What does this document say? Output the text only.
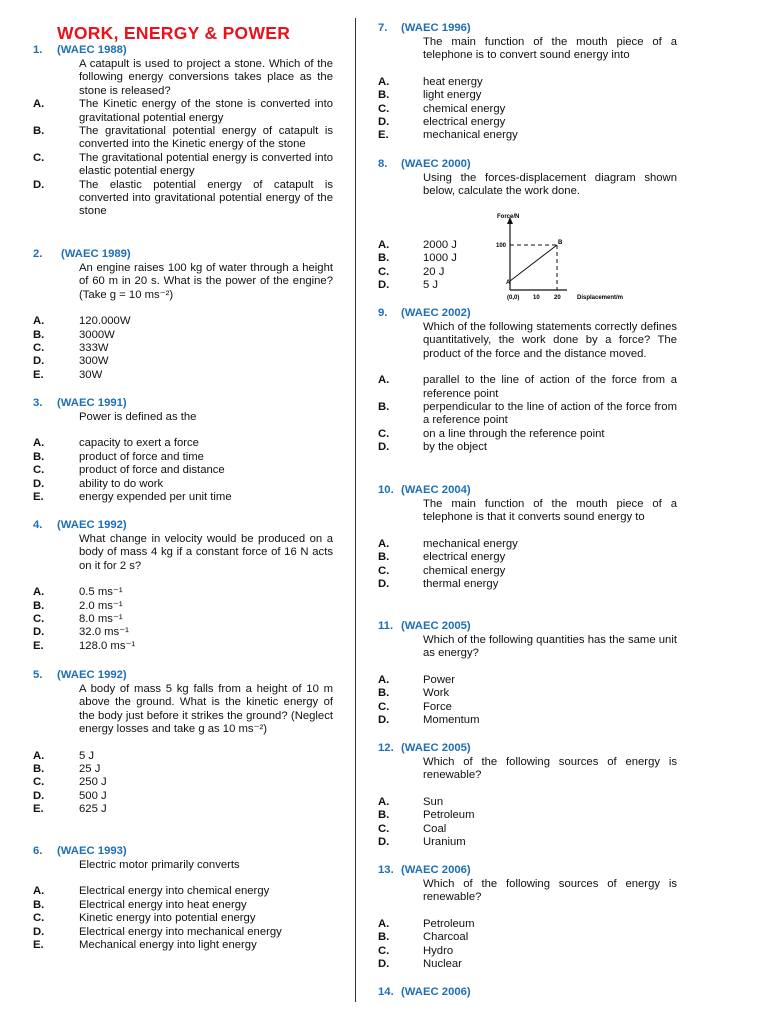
WORK, ENERGY & POWER
1. (WAEC 1988)
A catapult is used to project a stone. Which of the following energy conversions takes place as the stone is released?
A.	The Kinetic energy of the stone is converted into gravitational potential energy
B.	The gravitational potential energy of catapult is converted into the Kinetic energy of the stone
C.	The gravitational potential energy is converted into elastic potential energy
D.	The elastic potential energy of catapult is converted into gravitational potential energy of the stone
2. (WAEC 1989)
An engine raises 100 kg of water through a height of 60 m in 20 s. What is the power of the engine? (Take g = 10 ms⁻²)
A.	120.000W
B.	3000W
C.	333W
D.	300W
E.	30W
3. (WAEC 1991)
Power is defined as the
A.	capacity to exert a force
B.	product of force and time
C.	product of force and distance
D.	ability to do work
E.	energy expended per unit time
4. (WAEC 1992)
What change in velocity would be produced on a body of mass 4 kg if a constant force of 16 N acts on it for 2 s?
A.	0.5 ms⁻¹
B.	2.0 ms⁻¹
C.	8.0 ms⁻¹
D.	32.0 ms⁻¹
E.	128.0 ms⁻¹
5. (WAEC 1992)
A body of mass 5 kg falls from a height of 10 m above the ground. What is the kinetic energy of the body just before it strikes the ground? (Neglect energy losses and take g as 10 ms⁻²)
A.	5 J
B.	25 J
C.	250 J
D.	500 J
E.	625 J
6. (WAEC 1993)
Electric motor primarily converts
A.	Electrical energy into chemical energy
B.	Electrical energy into heat energy
C.	Kinetic energy into potential energy
D.	Electrical energy into mechanical energy
E.	Mechanical energy into light energy
7. (WAEC 1996)
The main function of the mouth piece of a telephone is to convert sound energy into
A.	heat energy
B.	light energy
C.	chemical energy
D.	electrical energy
E.	mechanical energy
8. (WAEC 2000)
Using the forces-displacement diagram shown below, calculate the work done.
A.	2000 J
B.	1000 J
C.	20 J
D.	5 J
Force/N
100	B
A
(0,0) 10 20	Displacement/m
9. (WAEC 2002)
Which of the following statements correctly defines quantitatively, the work done by a force? The product of the force and the distance moved.
A.	parallel to the line of action of the force from a reference point
B.	perpendicular to the line of action of the force from a reference point
C.	on a line through the reference point
D.	by the object
10. (WAEC 2004)
The main function of the mouth piece of a telephone is that it converts sound energy to
A.	mechanical energy
B.	electrical energy
C.	chemical energy
D.	thermal energy
11. (WAEC 2005)
Which of the following quantities has the same unit as energy?
A.	Power
B.	Work
C.	Force
D.	Momentum
12. (WAEC 2005)
Which of the following sources of energy is renewable?
A.	Sun
B.	Petroleum
C.	Coal
D.	Uranium
13. (WAEC 2006)
Which of the following sources of energy is renewable?
A.	Petroleum
B.	Charcoal
C.	Hydro
D.	Nuclear
14. (WAEC 2006)
